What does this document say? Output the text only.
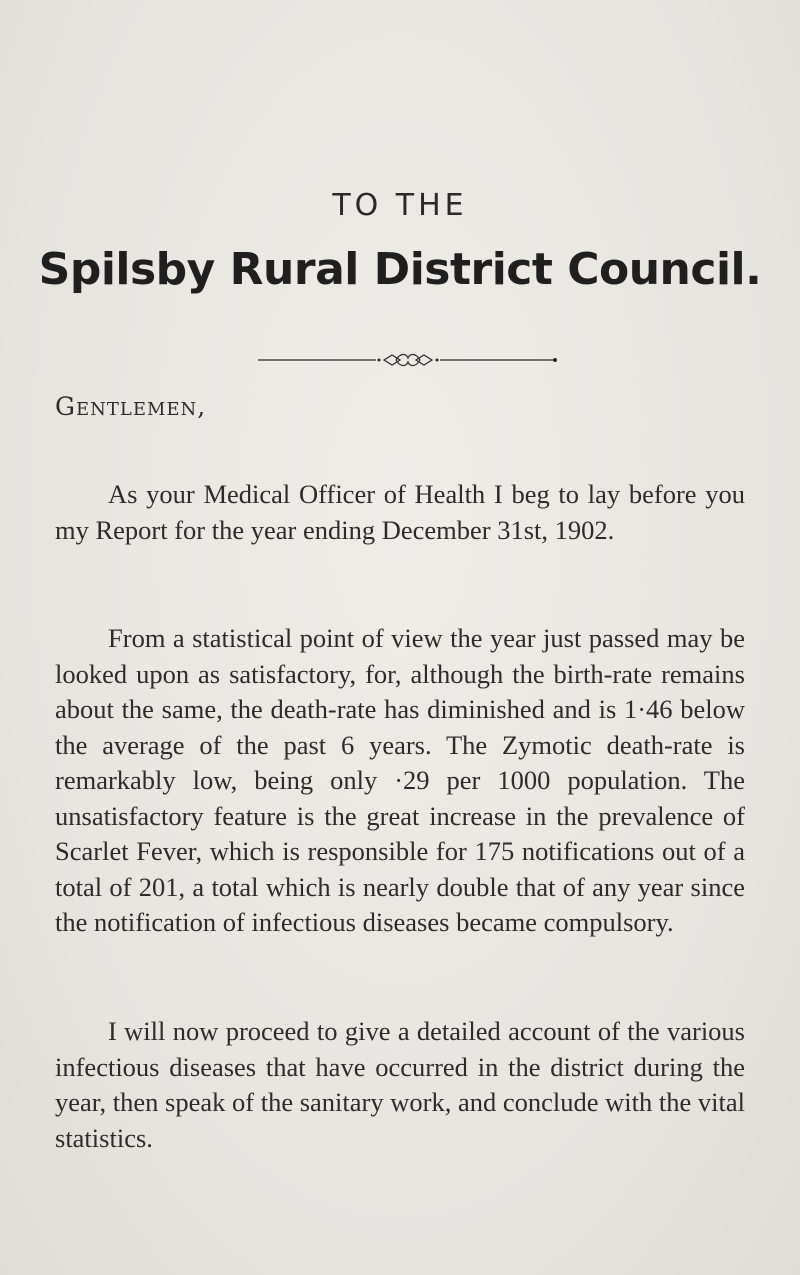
TO THE
Spilsby Rural District Council.
Gentlemen,

As your Medical Officer of Health I beg to lay before you my Report for the year ending December 31st, 1902.

From a statistical point of view the year just passed may be looked upon as satisfactory, for, although the birth-rate remains about the same, the death-rate has diminished and is 1·46 below the average of the past 6 years. The Zymotic death-rate is remarkably low, being only ·29 per 1000 population. The unsatisfactory feature is the great increase in the prevalence of Scarlet Fever, which is responsible for 175 notifications out of a total of 201, a total which is nearly double that of any year since the notification of infectious diseases became compulsory.

I will now proceed to give a detailed account of the various infectious diseases that have occurred in the district during the year, then speak of the sanitary work, and conclude with the vital statistics.
